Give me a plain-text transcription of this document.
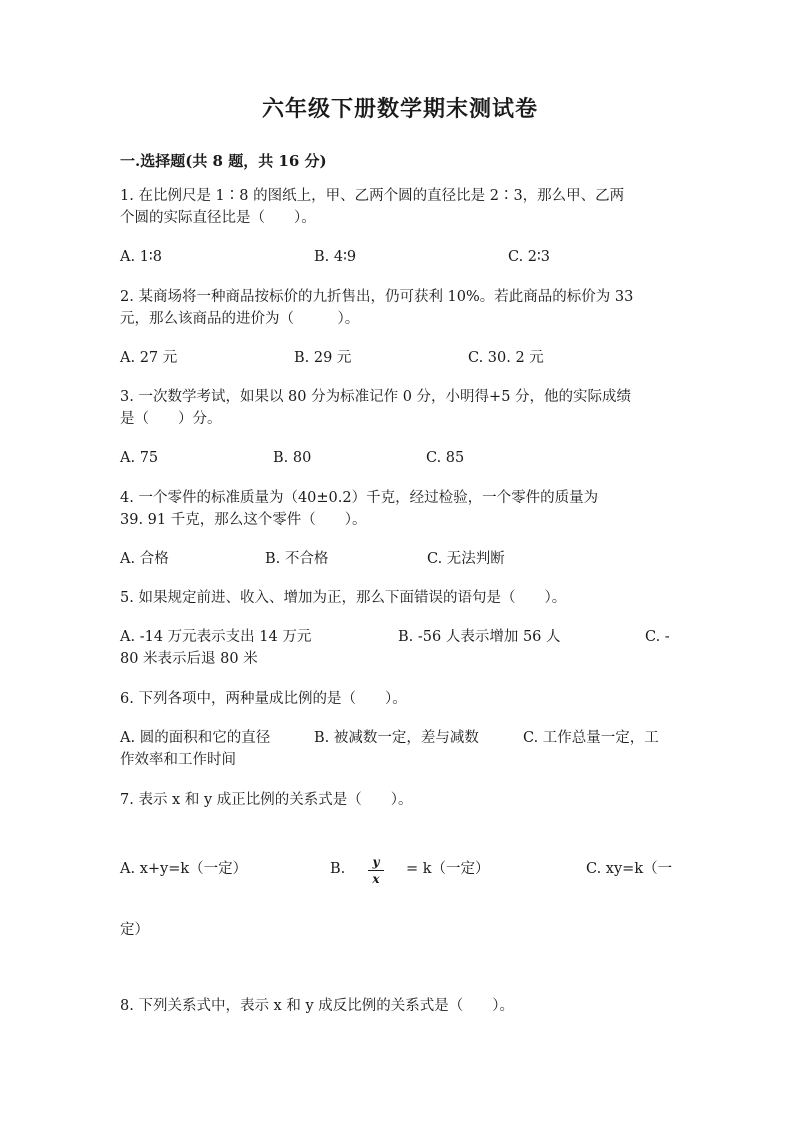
六年级下册数学期末测试卷
一.选择题(共 8 题，共 16 分)
1. 在比例尺是 1∶8 的图纸上，甲、乙两个圆的直径比是 2∶3，那么甲、乙两
个圆的实际直径比是（　　）。
A. 1∶8	B. 4∶9	C. 2∶3
2. 某商场将一种商品按标价的九折售出，仍可获利 10%。若此商品的标价为 33
元，那么该商品的进价为（　　　）。
A. 27 元	B. 29 元	C. 30. 2 元
3. 一次数学考试，如果以 80 分为标准记作 0 分，小明得+5 分，他的实际成绩
是（　　）分。
A. 75	B. 80	C. 85
4. 一个零件的标准质量为（40±0.2）千克，经过检验，一个零件的质量为
39. 91 千克，那么这个零件（　　）。
A. 合格	B. 不合格	C. 无法判断
5. 如果规定前进、收入、增加为正，那么下面错误的语句是（　　）。
A. -14 万元表示支出 14 万元	B. -56 人表示增加 56 人	C. -
80 米表示后退 80 米
6. 下列各项中，两种量成比例的是（　　）。
A. 圆的面积和它的直径	B. 被减数一定，差与减数	C. 工作总量一定，工
作效率和工作时间
7. 表示 x 和 y 成正比例的关系式是（　　）。
A. x+y=k（一定）	B.	y
x
= k（一定）	C. xy=k（一
定）
8. 下列关系式中，表示 x 和 y 成反比例的关系式是（　　）。
